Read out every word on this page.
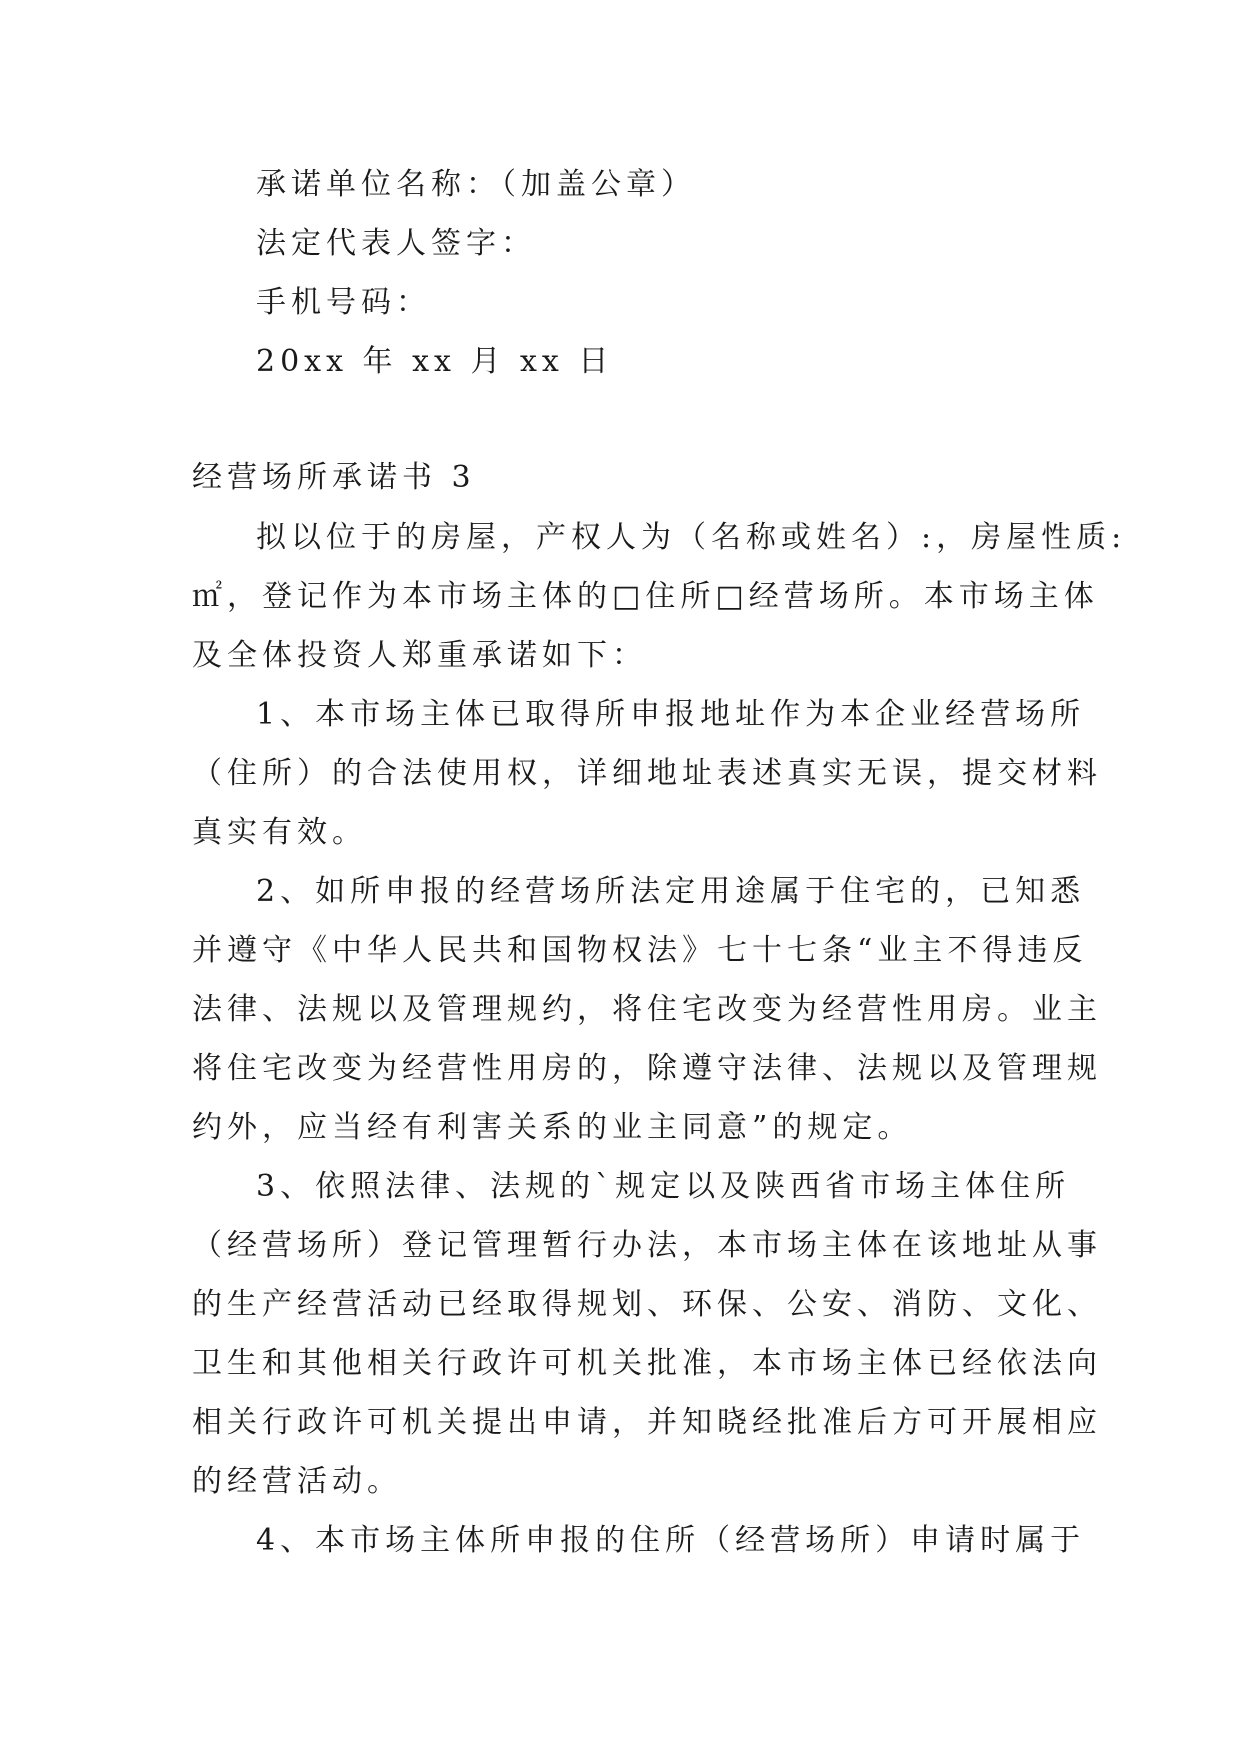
承诺单位名称：（加盖公章）
法定代表人签字：
手机号码：
20xx 年 xx 月 xx 日
经营场所承诺书 3
拟以位于的房屋，产权人为（名称或姓名）:，房屋性质:
㎡，登记作为本市场主体的□住所□经营场所。本市场主体
及全体投资人郑重承诺如下：
1、本市场主体已取得所申报地址作为本企业经营场所
（住所）的合法使用权，详细地址表述真实无误，提交材料
真实有效。
2、如所申报的经营场所法定用途属于住宅的，已知悉
并遵守《中华人民共和国物权法》七十七条“业主不得违反
法律、法规以及管理规约，将住宅改变为经营性用房。业主
将住宅改变为经营性用房的，除遵守法律、法规以及管理规
约外，应当经有利害关系的业主同意”的规定。
3、依照法律、法规的`规定以及陕西省市场主体住所
（经营场所）登记管理暂行办法，本市场主体在该地址从事
的生产经营活动已经取得规划、环保、公安、消防、文化、
卫生和其他相关行政许可机关批准，本市场主体已经依法向
相关行政许可机关提出申请，并知晓经批准后方可开展相应
的经营活动。
4、本市场主体所申报的住所（经营场所）申请时属于
